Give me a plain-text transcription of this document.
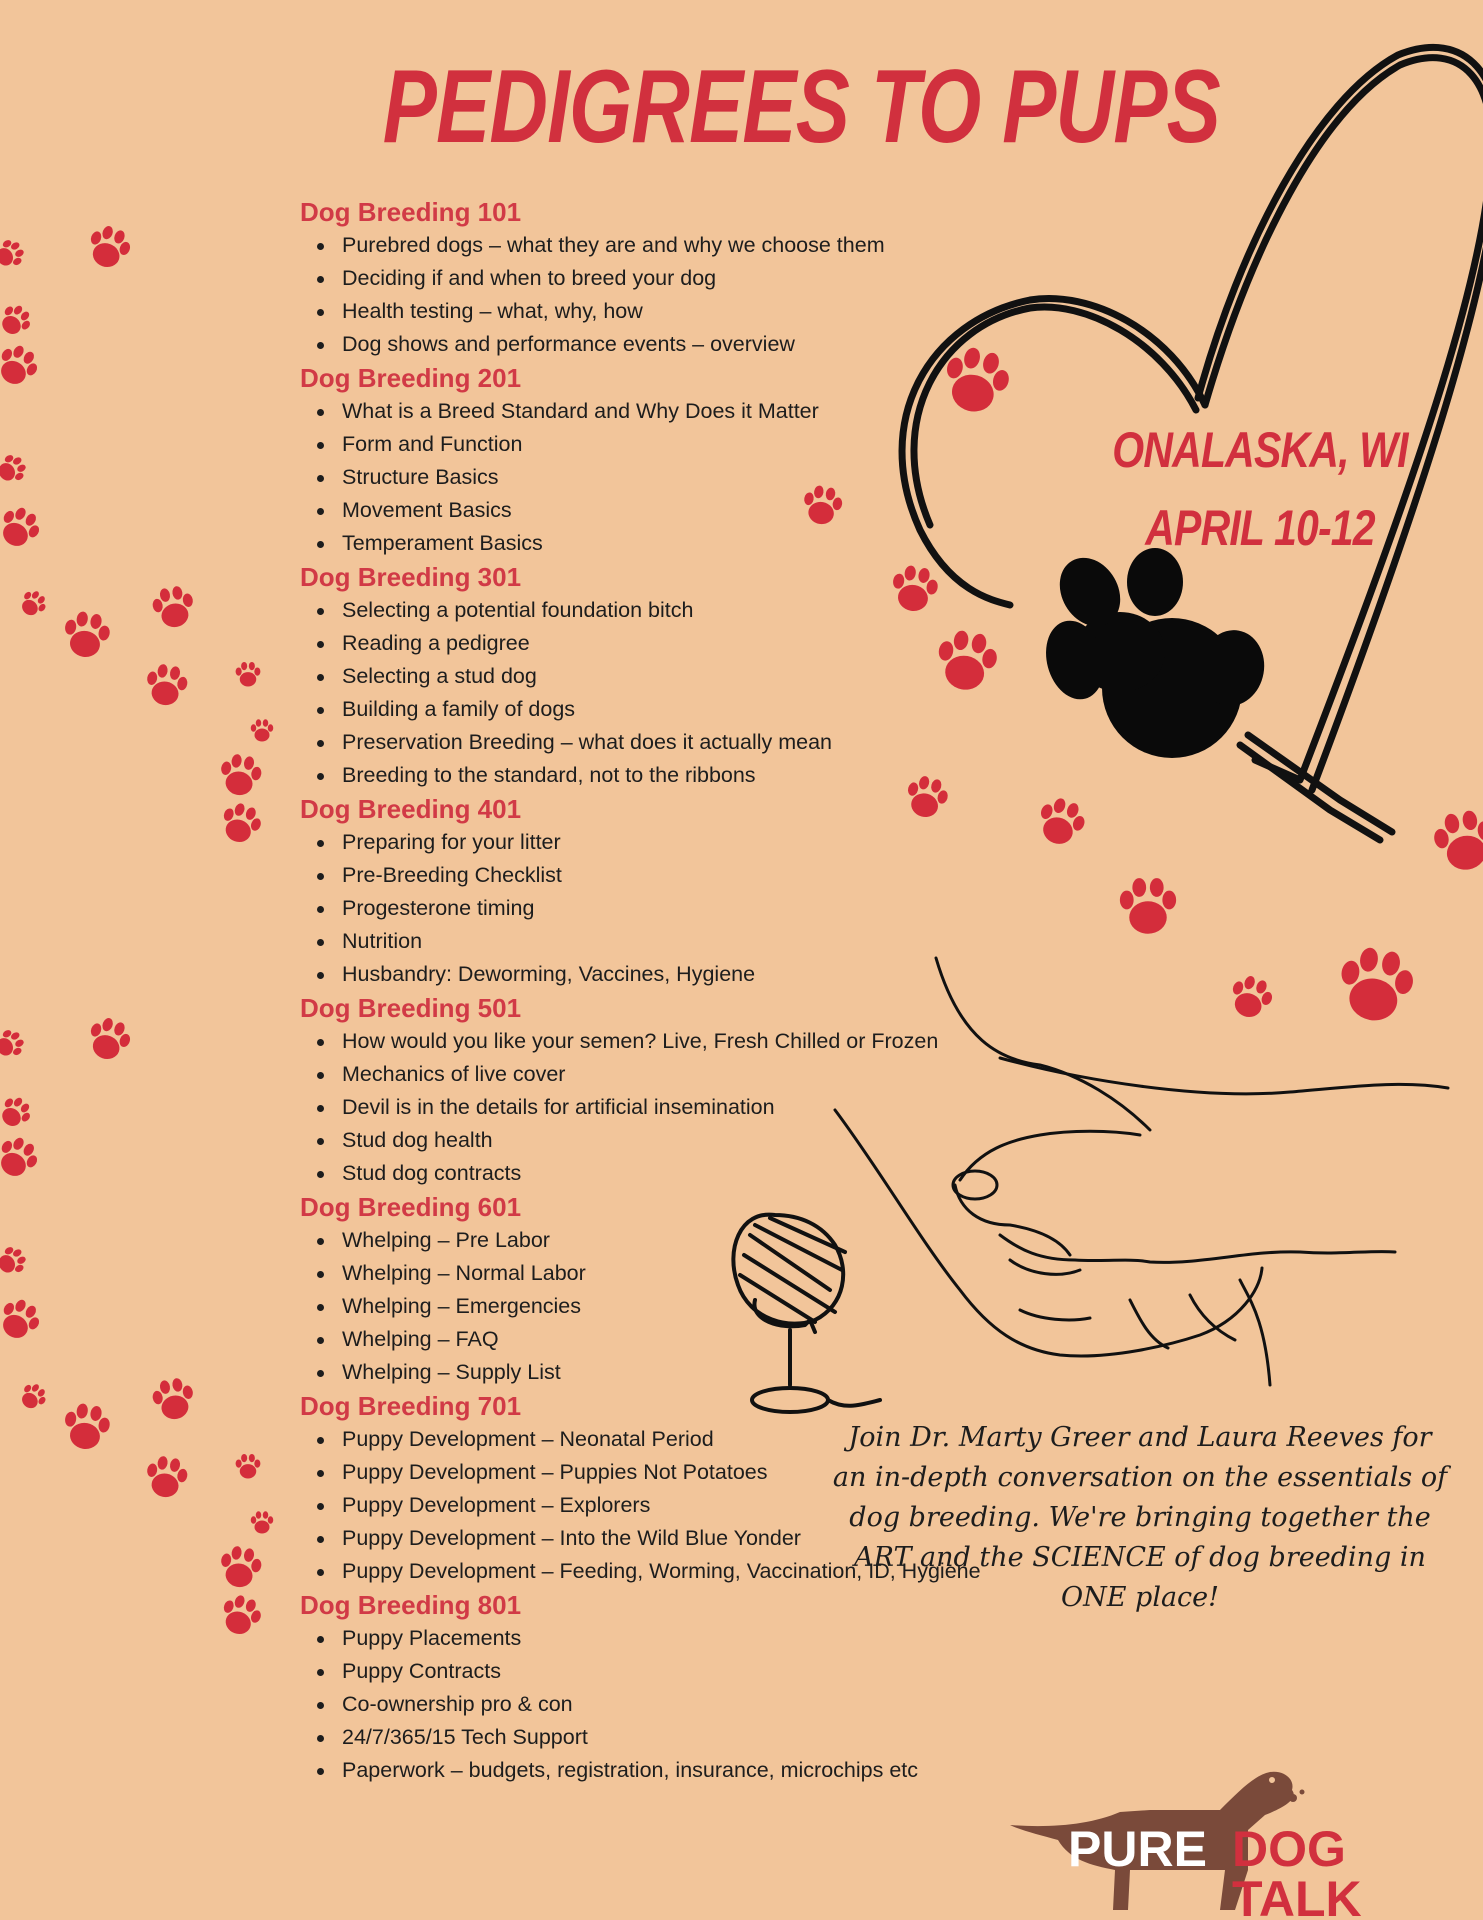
PEDIGREES TO PUPS
ONALASKA, WI
APRIL 10-12
Dog Breeding 101
Purebred dogs – what they are and why we choose them
Deciding if and when to breed your dog
Health testing – what, why, how
Dog shows and performance events – overview
Dog Breeding 201
What is a Breed Standard and Why Does it Matter
Form and Function
Structure Basics
Movement Basics
Temperament Basics
Dog Breeding 301
Selecting a potential foundation bitch
Reading a pedigree
Selecting a stud dog
Building a family of dogs
Preservation Breeding – what does it actually mean
Breeding to the standard, not to the ribbons
Dog Breeding 401
Preparing for your litter
Pre-Breeding Checklist
Progesterone timing
Nutrition
Husbandry: Deworming, Vaccines, Hygiene
Dog Breeding 501
How would you like your semen? Live, Fresh Chilled or Frozen
Mechanics of live cover
Devil is in the details for artificial insemination
Stud dog health
Stud dog contracts
Dog Breeding 601
Whelping – Pre Labor
Whelping – Normal Labor
Whelping – Emergencies
Whelping – FAQ
Whelping – Supply List
Dog Breeding 701
Puppy Development – Neonatal Period
Puppy Development – Puppies Not Potatoes
Puppy Development – Explorers
Puppy Development – Into the Wild Blue Yonder
Puppy Development – Feeding, Worming, Vaccination, ID, Hygiene
Dog Breeding 801
Puppy Placements
Puppy Contracts
Co-ownership pro & con
24/7/365/15 Tech Support
Paperwork – budgets, registration, insurance, microchips etc

Join Dr. Marty Greer and Laura Reeves for an in-depth conversation on the essentials of dog breeding. We're bringing together the ART and the SCIENCE of dog breeding in ONE place!

PURE DOG TALK
